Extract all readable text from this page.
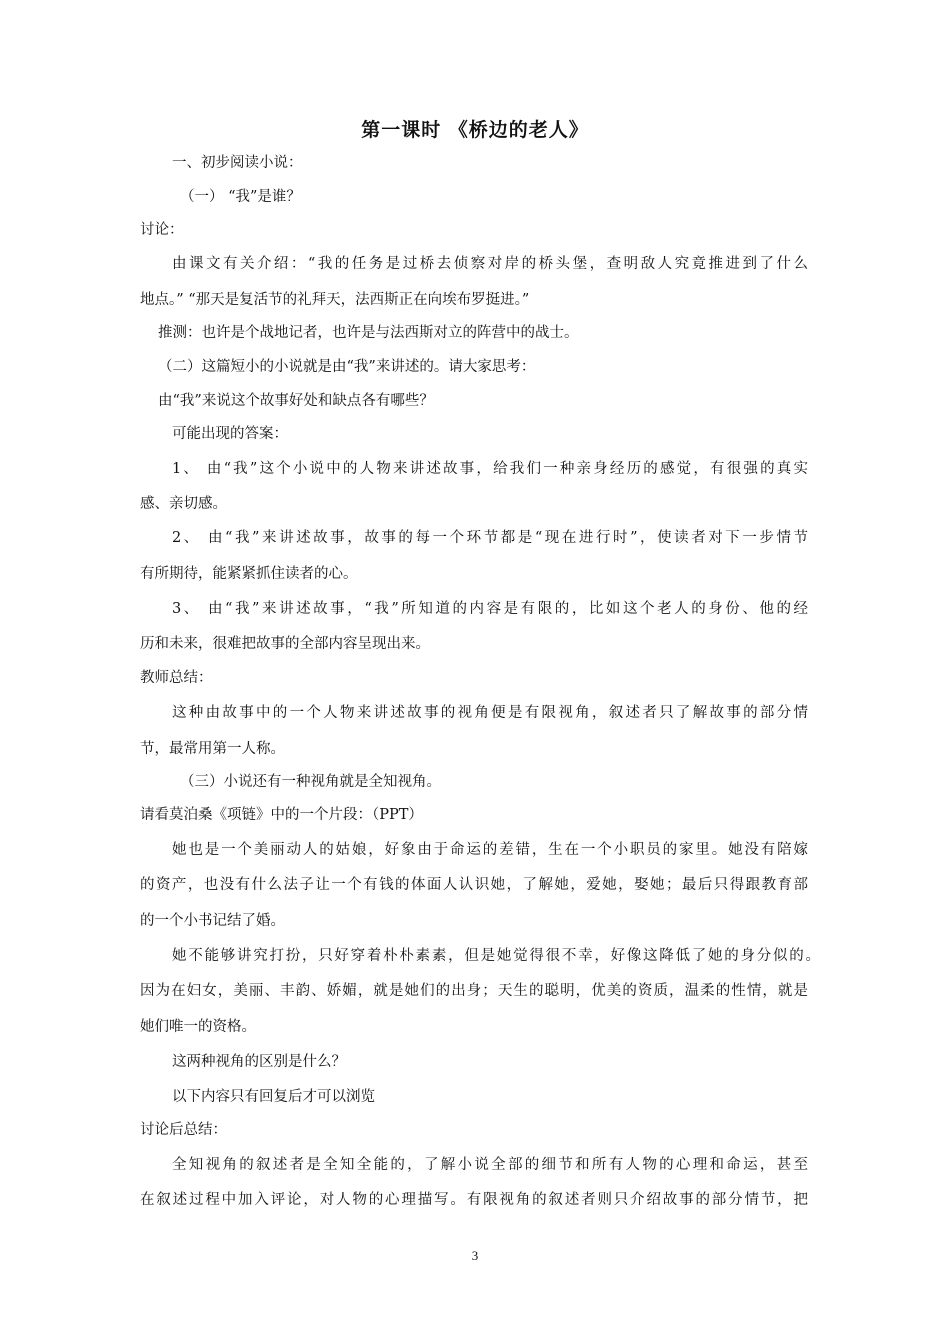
第一课时 《桥边的老人》
一、初步阅读小说：
（一） “我”是谁？
讨论：
由课文有关介绍：“我的任务是过桥去侦察对岸的桥头堡，查明敌人究竟推进到了什么
地点。” “那天是复活节的礼拜天，法西斯正在向埃布罗挺进。”
推测：也许是个战地记者，也许是与法西斯对立的阵营中的战士。
（二）这篇短小的小说就是由“我”来讲述的。请大家思考：
由“我”来说这个故事好处和缺点各有哪些？
可能出现的答案：
1、 由“我”这个小说中的人物来讲述故事，给我们一种亲身经历的感觉，有很强的真实
感、亲切感。
2、 由“我”来讲述故事，故事的每一个环节都是“现在进行时”，使读者对下一步情节
有所期待，能紧紧抓住读者的心。
3、 由“我”来讲述故事，“我”所知道的内容是有限的，比如这个老人的身份、他的经
历和未来，很难把故事的全部内容呈现出来。
教师总结：
这种由故事中的一个人物来讲述故事的视角便是有限视角，叙述者只了解故事的部分情
节，最常用第一人称。
（三）小说还有一种视角就是全知视角。
请看莫泊桑《项链》中的一个片段：（PPT）
她也是一个美丽动人的姑娘，好象由于命运的差错，生在一个小职员的家里。她没有陪嫁
的资产，也没有什么法子让一个有钱的体面人认识她，了解她，爱她，娶她；最后只得跟教育部
的一个小书记结了婚。
她不能够讲究打扮，只好穿着朴朴素素，但是她觉得很不幸，好像这降低了她的身分似的。
因为在妇女，美丽、丰韵、娇媚，就是她们的出身；天生的聪明，优美的资质，温柔的性情，就是
她们唯一的资格。
这两种视角的区别是什么？
以下内容只有回复后才可以浏览
讨论后总结：
全知视角的叙述者是全知全能的，了解小说全部的细节和所有人物的心理和命运，甚至
在叙述过程中加入评论，对人物的心理描写。有限视角的叙述者则只介绍故事的部分情节，把
3
